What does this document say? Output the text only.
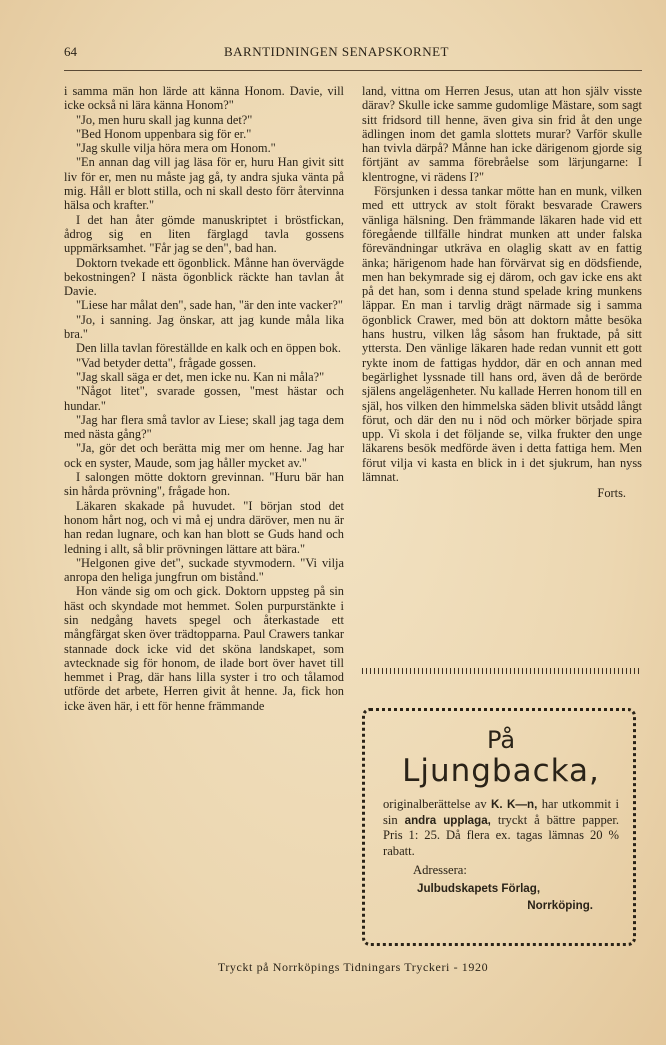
64	BARNTIDNINGEN SENAPSKORNET

i samma män hon lärde att känna Honom. Davie, vill icke också ni lära känna Honom?"

"Jo, men huru skall jag kunna det?"

"Bed Honom uppenbara sig för er."

"Jag skulle vilja höra mera om Honom."

"En annan dag vill jag läsa för er, huru Han givit sitt liv för er, men nu måste jag gå, ty andra sjuka vänta på mig. Håll er blott stilla, och ni skall desto förr återvinna hälsa och krafter."

I det han åter gömde manuskriptet i bröstfickan, ådrog sig en liten färglagd tavla gossens uppmärksamhet. "Får jag se den", bad han.

Doktorn tvekade ett ögonblick. Månne han övervägde bekostningen? I nästa ögonblick räckte han tavlan åt Davie.

"Liese har målat den", sade han, "är den inte vacker?"

"Jo, i sanning. Jag önskar, att jag kunde måla lika bra."

Den lilla tavlan föreställde en kalk och en öppen bok.

"Vad betyder detta", frågade gossen.

"Jag skall säga er det, men icke nu. Kan ni måla?"

"Något litet", svarade gossen, "mest hästar och hundar."

"Jag har flera små tavlor av Liese; skall jag taga dem med nästa gång?"

"Ja, gör det och berätta mig mer om henne. Jag har ock en syster, Maude, som jag håller mycket av."

I salongen mötte doktorn grevinnan. "Huru bär han sin hårda prövning", frågade hon.

Läkaren skakade på huvudet. "I början stod det honom hårt nog, och vi må ej undra däröver, men nu är han redan lugnare, och kan han blott se Guds hand och ledning i allt, så blir prövningen lättare att bära."

"Helgonen give det", suckade styvmodern. "Vi vilja anropa den heliga jungfrun om bistånd."

Hon vände sig om och gick. Doktorn uppsteg på sin häst och skyndade mot hemmet. Solen purpurstänkte i sin nedgång havets spegel och återkastade ett mångfärgat sken över trädtopparna. Paul Crawers tankar stannade dock icke vid det sköna landskapet, som avtecknade sig för honom, de ilade bort över havet till hemmet i Prag, där hans lilla syster i tro och tålamod utförde det arbete, Herren givit åt henne. Ja, fick hon icke även här, i ett för henne främmande

land, vittna om Herren Jesus, utan att hon själv visste därav? Skulle icke samme gudomlige Mästare, som sagt sitt fridsord till henne, även giva sin frid åt den unge ädlingen inom det gamla slottets murar? Varför skulle han tvivla därpå? Månne han icke därigenom gjorde sig förtjänt av samma förebråelse som lärjungarne: I klentrogne, vi rädens I?"

Försjunken i dessa tankar mötte han en munk, vilken med ett uttryck av stolt förakt besvarade Crawers vänliga hälsning. Den främmande läkaren hade vid ett föregående tillfälle hindrat munken att under falska förevändningar utkräva en olaglig skatt av en fattig änka; härigenom hade han förvärvat sig en dödsfiende, men han bekymrade sig ej därom, och gav icke ens akt på det han, som i denna stund spelade kring munkens läppar. En man i tarvlig drägt närmade sig i samma ögonblick Crawer, med bön att doktorn måtte besöka hans hustru, vilken låg såsom han fruktade, på sitt yttersta. Den vänlige läkaren hade redan vunnit ett gott rykte inom de fattigas hyddor, där en och annan med begärlighet lyssnade till hans ord, även då de berörde själens angelägenheter. Nu kallade Herren honom till en själ, hos vilken den himmelska säden blivit utsådd långt förut, och där den nu i nöd och mörker började spira upp. Vi skola i det följande se, vilka frukter den unge läkarens besök medförde även i detta fattiga hem. Men förut vilja vi kasta en blick in i det sjukrum, han nyss lämnat.

Forts.

På
Ljungbacka,
originalberättelse av K. K—n, har utkommit i sin andra upplaga, tryckt å bättre papper. Pris 1: 25. Då flera ex. tagas lämnas 20 % rabatt.
Adressera:
Julbudskapets Förlag,
Norrköping.
Tryckt på Norrköpings Tidningars Tryckeri - 1920
